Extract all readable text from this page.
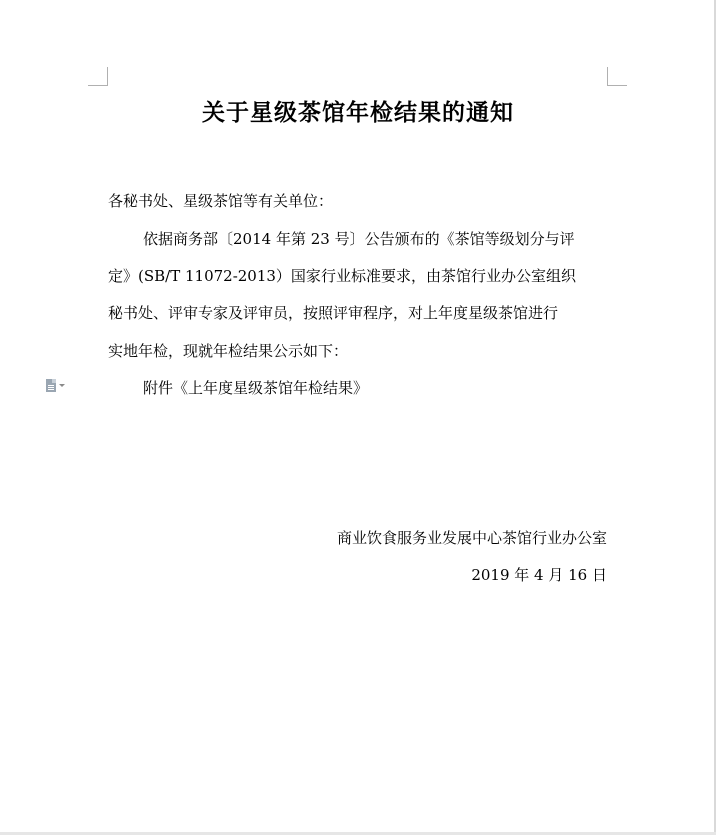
关于星级茶馆年检结果的通知
各秘书处、星级茶馆等有关单位：
依据商务部〔2014 年第 23 号〕公告颁布的《茶馆等级划分与评
定》(SB/T 11072-2013）国家行业标准要求，由茶馆行业办公室组织
秘书处、评审专家及评审员，按照评审程序，对上年度星级茶馆进行
实地年检，现就年检结果公示如下：
附件《上年度星级茶馆年检结果》
商业饮食服务业发展中心茶馆行业办公室
2019 年 4 月 16 日
